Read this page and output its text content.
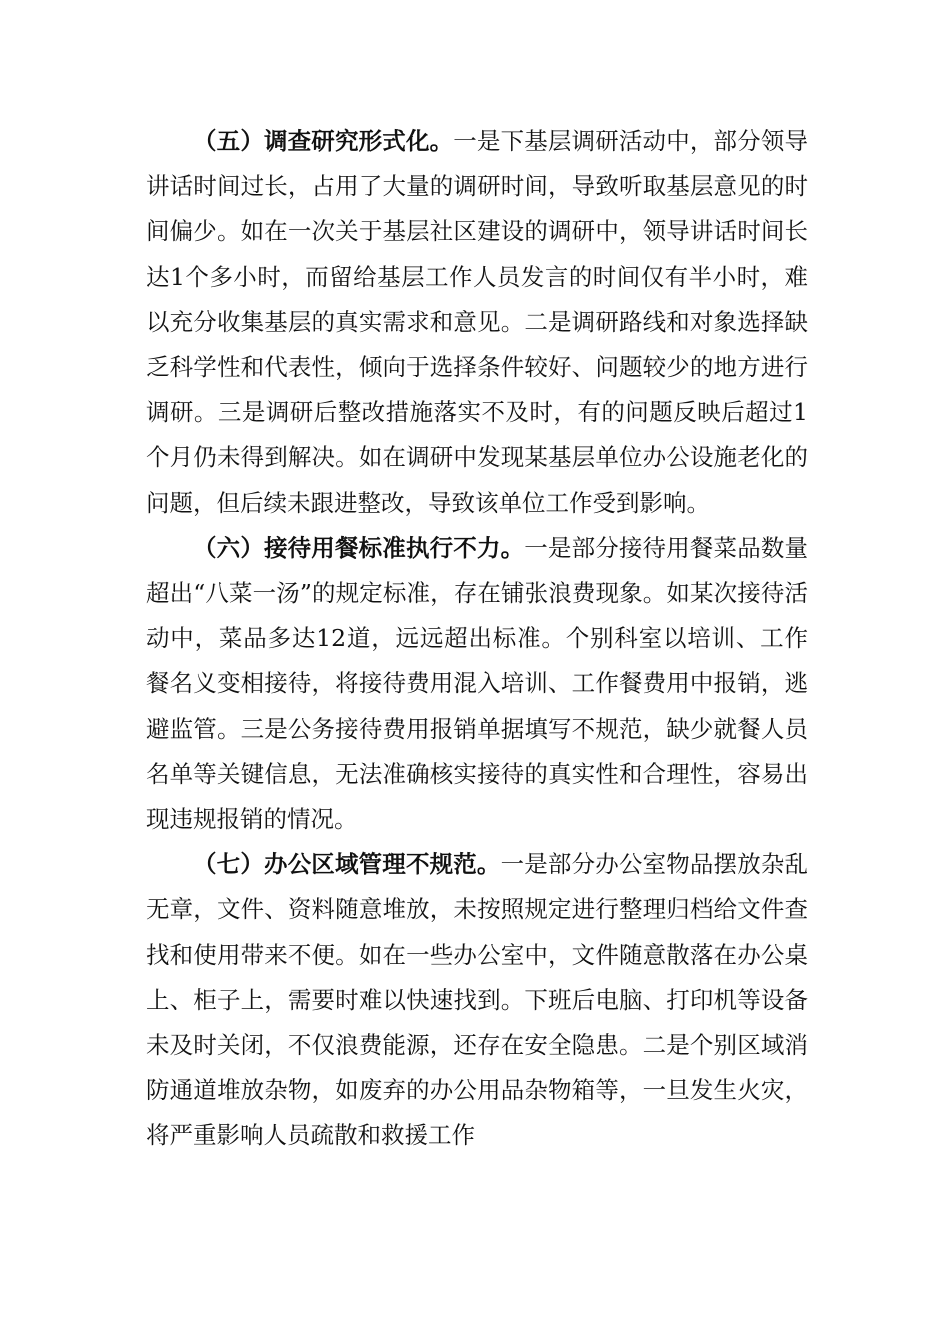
（五）调查研究形式化。一是下基层调研活动中，部分领导讲话时间过长，占用了大量的调研时间，导致听取基层意见的时间偏少。如在一次关于基层社区建设的调研中，领导讲话时间长达1个多小时，而留给基层工作人员发言的时间仅有半小时，难以充分收集基层的真实需求和意见。二是调研路线和对象选择缺乏科学性和代表性，倾向于选择条件较好、问题较少的地方进行调研。三是调研后整改措施落实不及时，有的问题反映后超过1个月仍未得到解决。如在调研中发现某基层单位办公设施老化的问题，但后续未跟进整改，导致该单位工作受到影响。

（六）接待用餐标准执行不力。一是部分接待用餐菜品数量超出“八菜一汤”的规定标准，存在铺张浪费现象。如某次接待活动中，菜品多达12道，远远超出标准。个别科室以培训、工作餐名义变相接待，将接待费用混入培训、工作餐费用中报销，逃避监管。三是公务接待费用报销单据填写不规范，缺少就餐人员名单等关键信息，无法准确核实接待的真实性和合理性，容易出现违规报销的情况。

（七）办公区域管理不规范。一是部分办公室物品摆放杂乱无章，文件、资料随意堆放，未按照规定进行整理归档给文件查找和使用带来不便。如在一些办公室中，文件随意散落在办公桌上、柜子上，需要时难以快速找到。下班后电脑、打印机等设备未及时关闭，不仅浪费能源，还存在安全隐患。二是个别区域消防通道堆放杂物，如废弃的办公用品杂物箱等，一旦发生火灾，将严重影响人员疏散和救援工作
